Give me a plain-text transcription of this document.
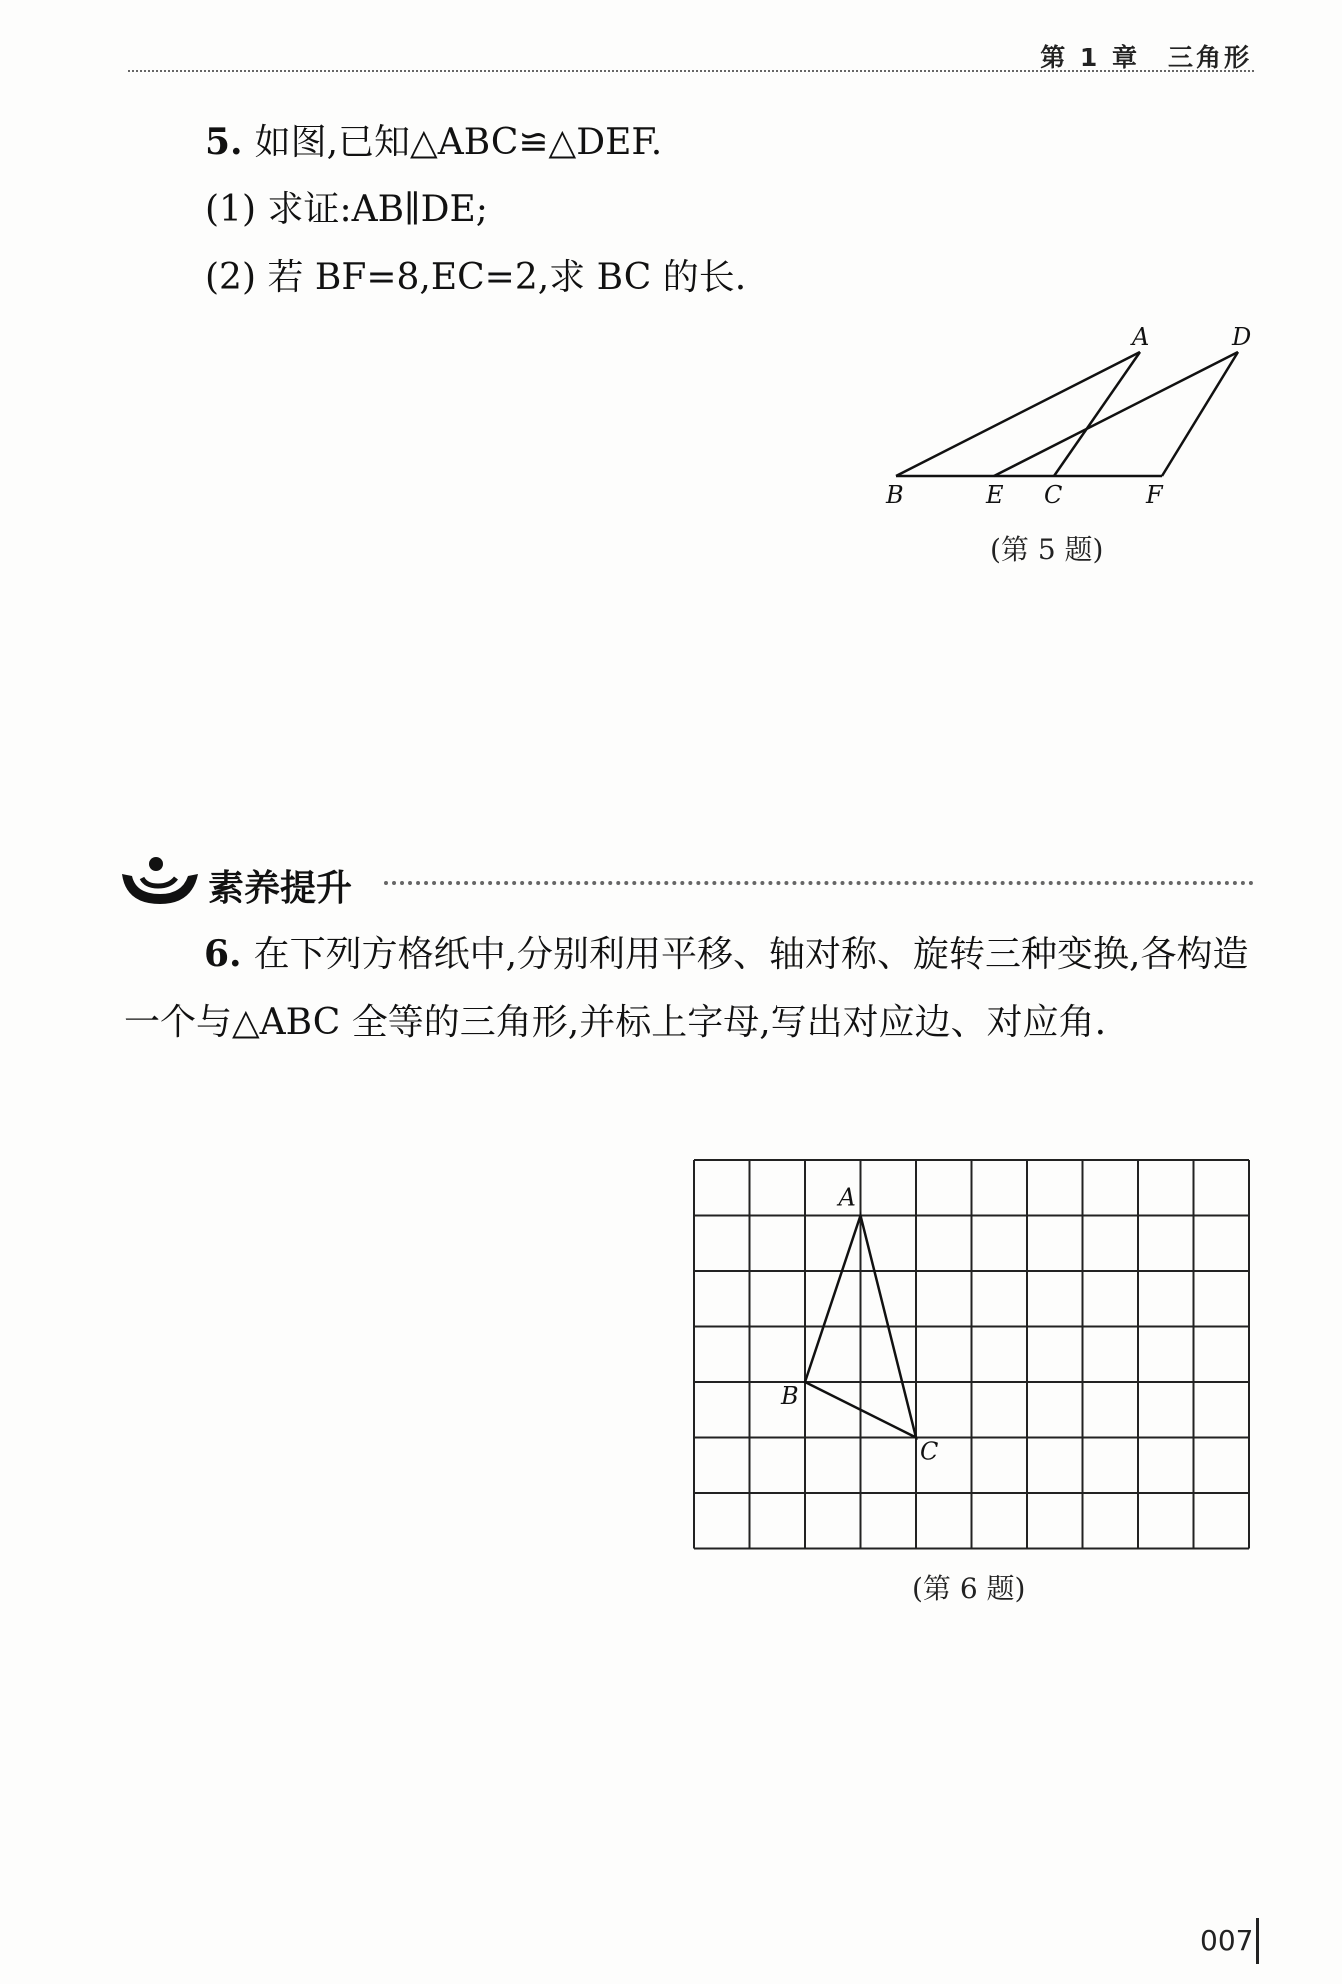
第 1 章　三角形
5. 如图,已知△ABC≌△DEF.
(1) 求证:AB∥DE;
(2) 若 BF=8,EC=2,求 BC 的长.
A	D
B	E C	F
(第 5 题)
素养提升
6. 在下列方格纸中,分别利用平移、轴对称、旋转三种变换,各构造一个与△ABC 全等的三角形,并标上字母,写出对应边、对应角.
A
B
C
(第 6 题)
007
